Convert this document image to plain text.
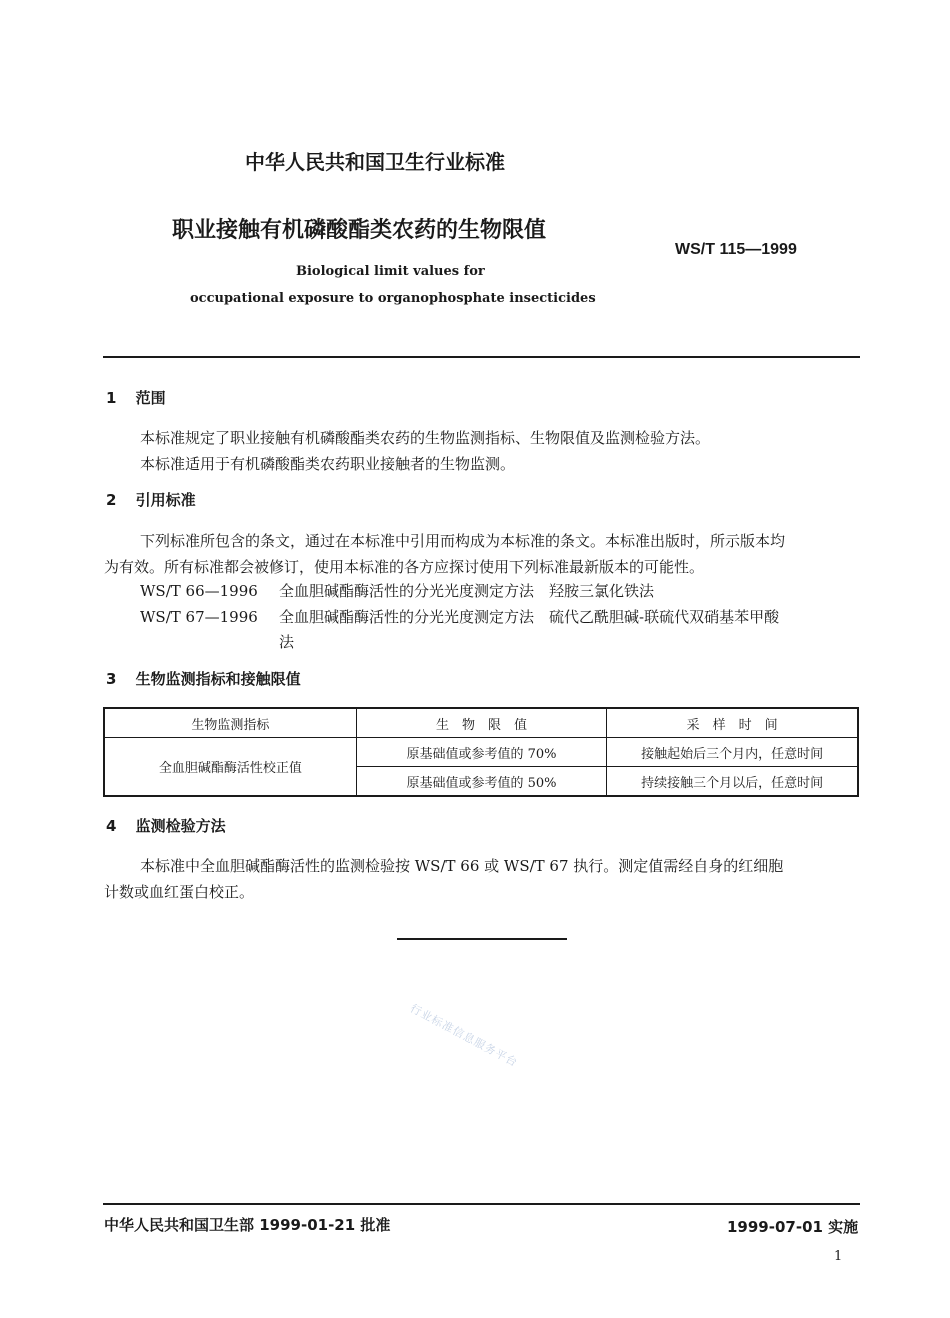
中华人民共和国卫生行业标准
职业接触有机磷酸酯类农药的生物限值
WS/T 115—1999
Biological limit values for
occupational exposure to organophosphate insecticides
1 范围
本标准规定了职业接触有机磷酸酯类农药的生物监测指标、生物限值及监测检验方法。
本标准适用于有机磷酸酯类农药职业接触者的生物监测。
2 引用标准
下列标准所包含的条文，通过在本标准中引用而构成为本标准的条文。本标准出版时，所示版本均
为有效。所有标准都会被修订，使用本标准的各方应探讨使用下列标准最新版本的可能性。
WS/T 66—1996 全血胆碱酯酶活性的分光光度测定方法　羟胺三氯化铁法
WS/T 67—1996 全血胆碱酯酶活性的分光光度测定方法　硫代乙酰胆碱-联硫代双硝基苯甲酸
法
3 生物监测指标和接触限值
生物监测指标	生　物　限　值	采　样　时　间
全血胆碱酯酶活性校正值	原基础值或参考值的 70%	接触起始后三个月内，任意时间
	原基础值或参考值的 50%	持续接触三个月以后，任意时间
4 监测检验方法
本标准中全血胆碱酯酶活性的监测检验按 WS/T 66 或 WS/T 67 执行。测定值需经自身的红细胞
计数或血红蛋白校正。
行业标准信息服务平台
中华人民共和国卫生部 1999-01-21 批准	1999-07-01 实施
1
